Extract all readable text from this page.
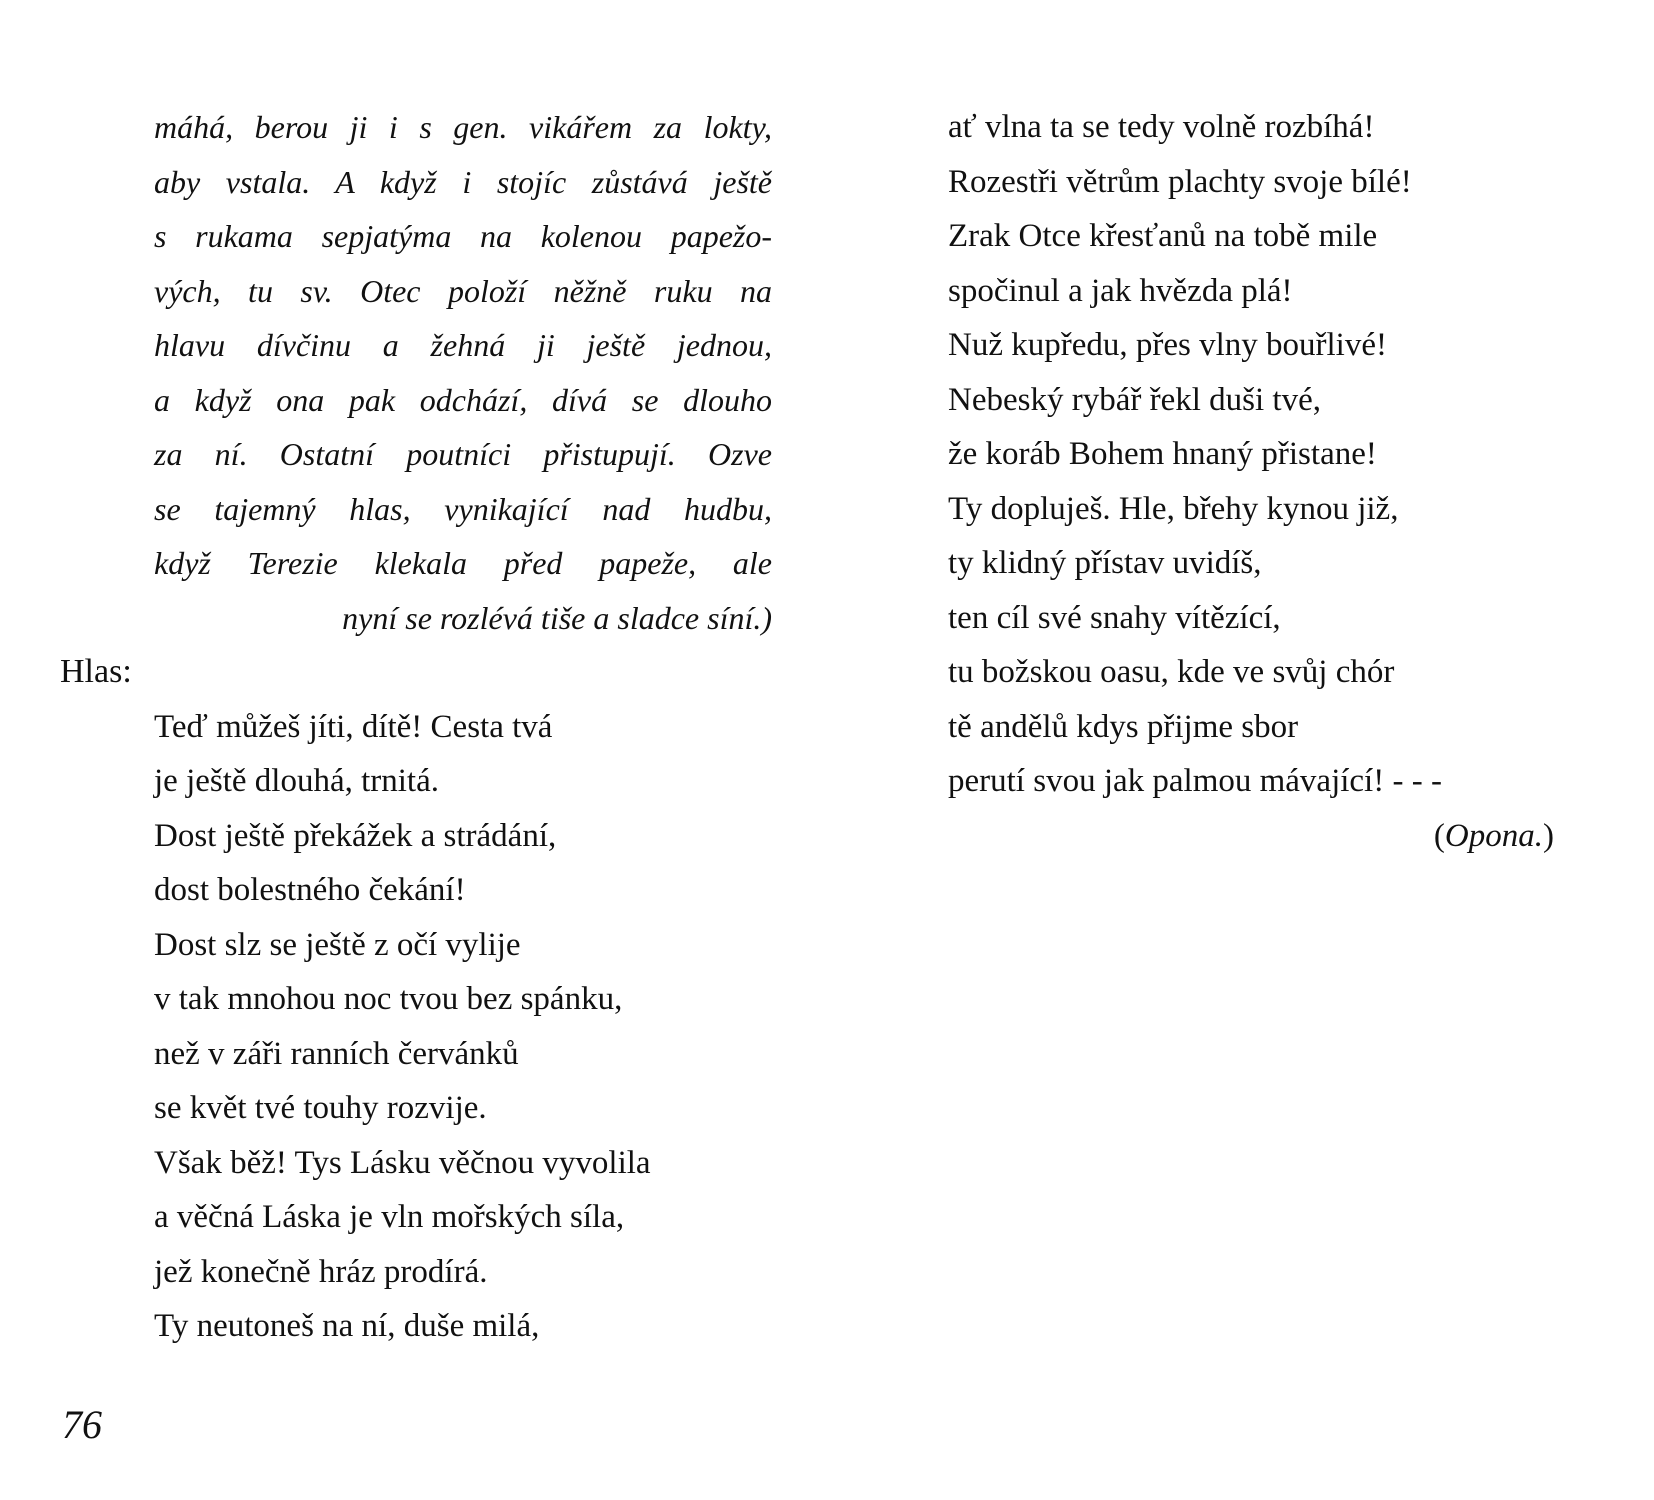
máhá, berou ji i s gen. vikářem za lokty,
aby vstala. A když i stojíc zůstává ještě
s rukama sepjatýma na kolenou papežo-
vých, tu sv. Otec položí něžně ruku na
hlavu dívčinu a žehná ji ještě jednou,
a když ona pak odchází, dívá se dlouho
za ní. Ostatní poutníci přistupují. Ozve
se tajemný hlas, vynikající nad hudbu,
když Terezie klekala před papeže, ale
nyní se rozlévá tiše a sladce síní.)
Hlas:
Teď můžeš jíti, dítě! Cesta tvá
je ještě dlouhá, trnitá.
Dost ještě překážek a strádání,
dost bolestného čekání!
Dost slz se ještě z očí vylije
v tak mnohou noc tvou bez spánku,
než v záři ranních červánků
se květ tvé touhy rozvije.
Však běž! Tys Lásku věčnou vyvolila
a věčná Láska je vln mořských síla,
jež konečně hráz prodírá.
Ty neutoneš na ní, duše milá,
ať vlna ta se tedy volně rozbíhá!
Rozestři větrům plachty svoje bílé!
Zrak Otce křesťanů na tobě mile
spočinul a jak hvězda plá!
Nuž kupředu, přes vlny bouřlivé!
Nebeský rybář řekl duši tvé,
že koráb Bohem hnaný přistane!
Ty dopluješ. Hle, břehy kynou již,
ty klidný přístav uvidíš,
ten cíl své snahy vítězící,
tu božskou oasu, kde ve svůj chór
tě andělů kdys přijme sbor
perutí svou jak palmou mávající! - - -
(Opona.)
76
